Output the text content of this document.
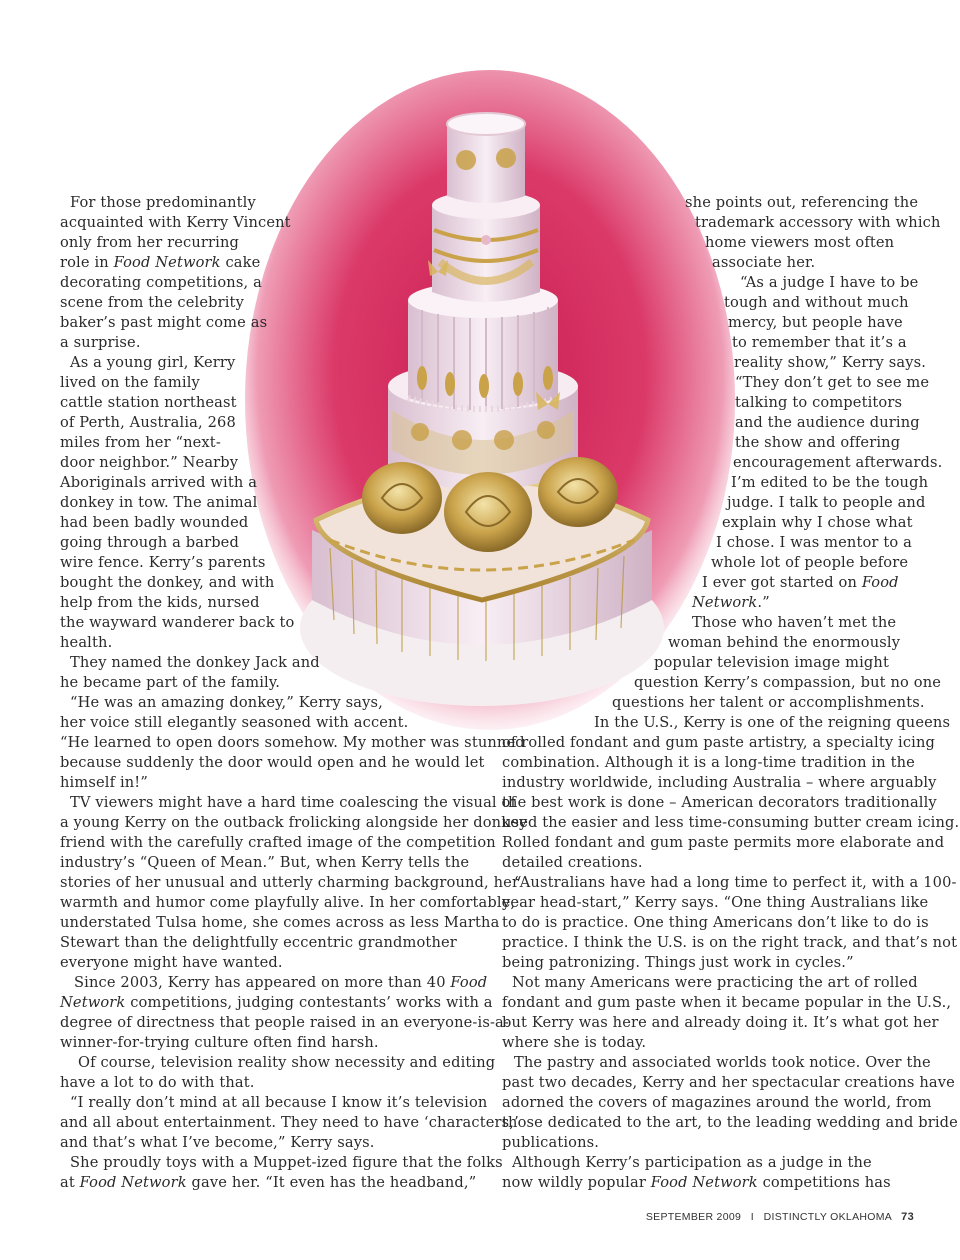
For those predominantly
acquainted with Kerry Vincent
only from her recurring
role in Food Network cake
decorating competitions, a
scene from the celebrity
baker’s past might come as
a surprise.
As a young girl, Kerry
lived on the family
cattle station northeast
of Perth, Australia, 268
miles from her “next-
door neighbor.” Nearby
Aboriginals arrived with a
donkey in tow. The animal
had been badly wounded
going through a barbed
wire fence. Kerry’s parents
bought the donkey, and with
help from the kids, nursed
the wayward wanderer back to
health.
They named the donkey Jack and
he became part of the family.
“He was an amazing donkey,” Kerry says,
her voice still elegantly seasoned with accent.
“He learned to open doors somehow. My mother was stunned
because suddenly the door would open and he would let
himself in!”
TV viewers might have a hard time coalescing the visual of
a young Kerry on the outback frolicking alongside her donkey
friend with the carefully crafted image of the competition
industry’s “Queen of Mean.” But, when Kerry tells the
stories of her unusual and utterly charming background, her
warmth and humor come playfully alive. In her comfortable,
understated Tulsa home, she comes across as less Martha
Stewart than the delightfully eccentric grandmother
everyone might have wanted.
Since 2003, Kerry has appeared on more than 40 Food
Network competitions, judging contestants’ works with a
degree of directness that people raised in an everyone-is-a-
winner-for-trying culture often find harsh.
Of course, television reality show necessity and editing
have a lot to do with that.
“I really don’t mind at all because I know it’s television
and all about entertainment. They need to have ‘characters,’
and that’s what I’ve become,” Kerry says.
She proudly toys with a Muppet-ized figure that the folks
at Food Network gave her. “It even has the headband,”
she points out, referencing the
trademark accessory with which
home viewers most often
associate her.
“As a judge I have to be
tough and without much
mercy, but people have
to remember that it’s a
reality show,” Kerry says.
“They don’t get to see me
talking to competitors
and the audience during
the show and offering
encouragement afterwards.
I’m edited to be the tough
judge. I talk to people and
explain why I chose what
I chose. I was mentor to a
whole lot of people before
I ever got started on Food
Network.”
Those who haven’t met the
woman behind the enormously
popular television image might
question Kerry’s compassion, but no one
questions her talent or accomplishments.
In the U.S., Kerry is one of the reigning queens
of rolled fondant and gum paste artistry, a specialty icing
combination. Although it is a long-time tradition in the
industry worldwide, including Australia – where arguably
the best work is done – American decorators traditionally
used the easier and less time-consuming butter cream icing.
Rolled fondant and gum paste permits more elaborate and
detailed creations.
“Australians have had a long time to perfect it, with a 100-
year head-start,” Kerry says. “One thing Australians like
to do is practice. One thing Americans don’t like to do is
practice. I think the U.S. is on the right track, and that’s not
being patronizing. Things just work in cycles.”
Not many Americans were practicing the art of rolled
fondant and gum paste when it became popular in the U.S.,
but Kerry was here and already doing it. It’s what got her
where she is today.
The pastry and associated worlds took notice. Over the
past two decades, Kerry and her spectacular creations have
adorned the covers of magazines around the world, from
those dedicated to the art, to the leading wedding and bride
publications.
Although Kerry’s participation as a judge in the
now wildly popular Food Network competitions has
SEPTEMBER 2009 I DISTINCTLY OKLAHOMA 73
